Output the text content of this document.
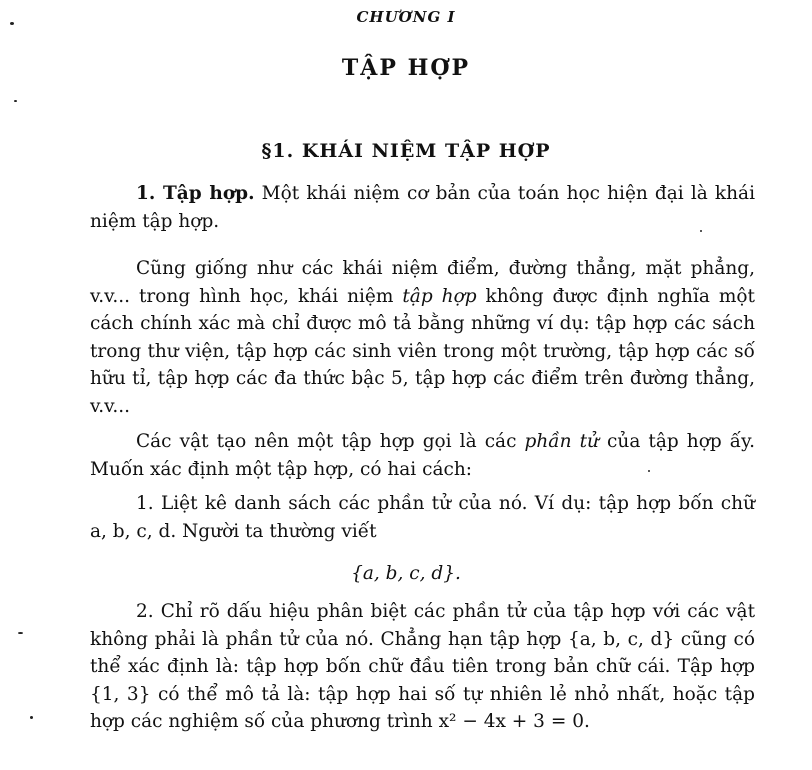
CHƯƠNG I
TẬP HỢP
§1. KHÁI NIỆM TẬP HỢP
1. Tập hợp. Một khái niệm cơ bản của toán học hiện đại là khái niệm tập hợp.
Cũng giống như các khái niệm điểm, đường thẳng, mặt phẳng, v.v... trong hình học, khái niệm tập hợp không được định nghĩa một cách chính xác mà chỉ được mô tả bằng những ví dụ: tập hợp các sách trong thư viện, tập hợp các sinh viên trong một trường, tập hợp các số hữu tỉ, tập hợp các đa thức bậc 5, tập hợp các điểm trên đường thẳng, v.v...
Các vật tạo nên một tập hợp gọi là các phần tử của tập hợp ấy. Muốn xác định một tập hợp, có hai cách:
1. Liệt kê danh sách các phần tử của nó. Ví dụ: tập hợp bốn chữ a, b, c, d. Người ta thường viết
{a, b, c, d}.
2. Chỉ rõ dấu hiệu phân biệt các phần tử của tập hợp với các vật không phải là phần tử của nó. Chẳng hạn tập hợp {a, b, c, d} cũng có thể xác định là: tập hợp bốn chữ đầu tiên trong bản chữ cái. Tập hợp {1, 3} có thể mô tả là: tập hợp hai số tự nhiên lẻ nhỏ nhất, hoặc tập hợp các nghiệm số của phương trình x² − 4x + 3 = 0.
